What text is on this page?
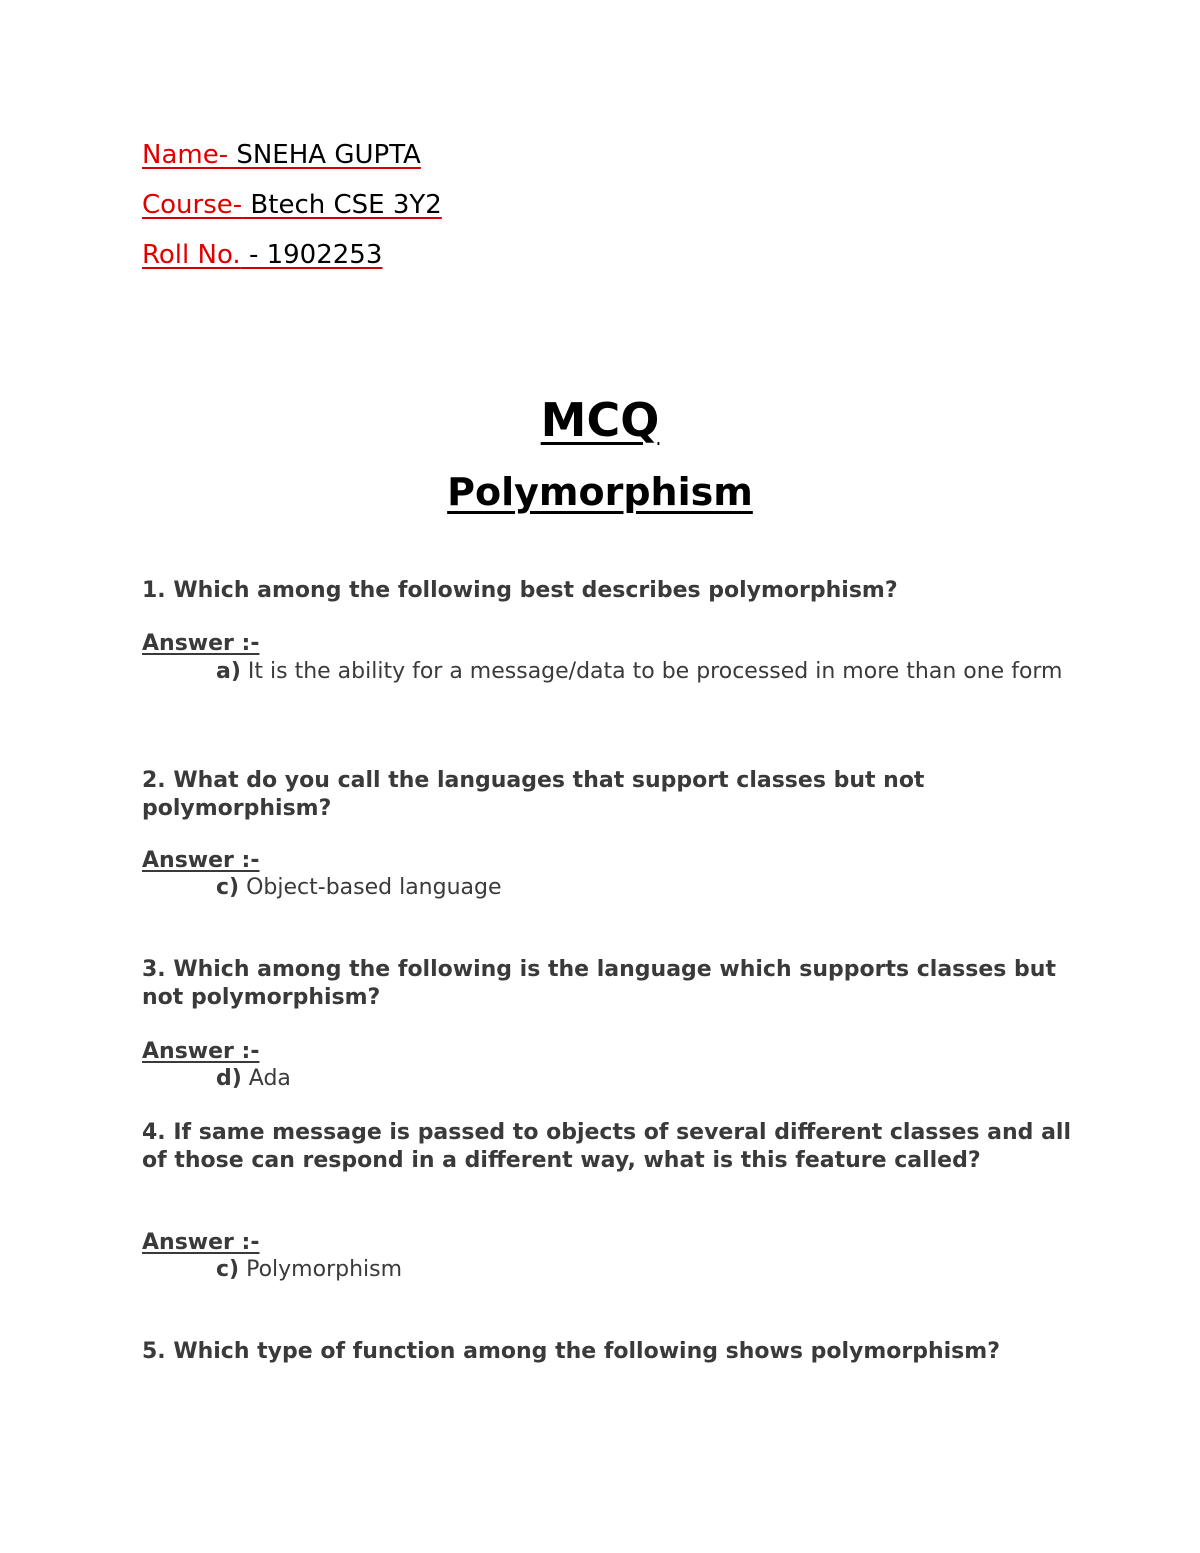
Name- SNEHA GUPTA
Course- Btech CSE 3Y2
Roll No. - 1902253
MCQ
Polymorphism
1. Which among the following best describes polymorphism?
Answer :-
a) It is the ability for a message/data to be processed in more than one form
2. What do you call the languages that support classes but not polymorphism?
Answer :-
c) Object-based language
3. Which among the following is the language which supports classes but not polymorphism?
Answer :-
d) Ada
4. If same message is passed to objects of several different classes and all of those can respond in a different way, what is this feature called?
Answer :-
c) Polymorphism
5. Which type of function among the following shows polymorphism?
